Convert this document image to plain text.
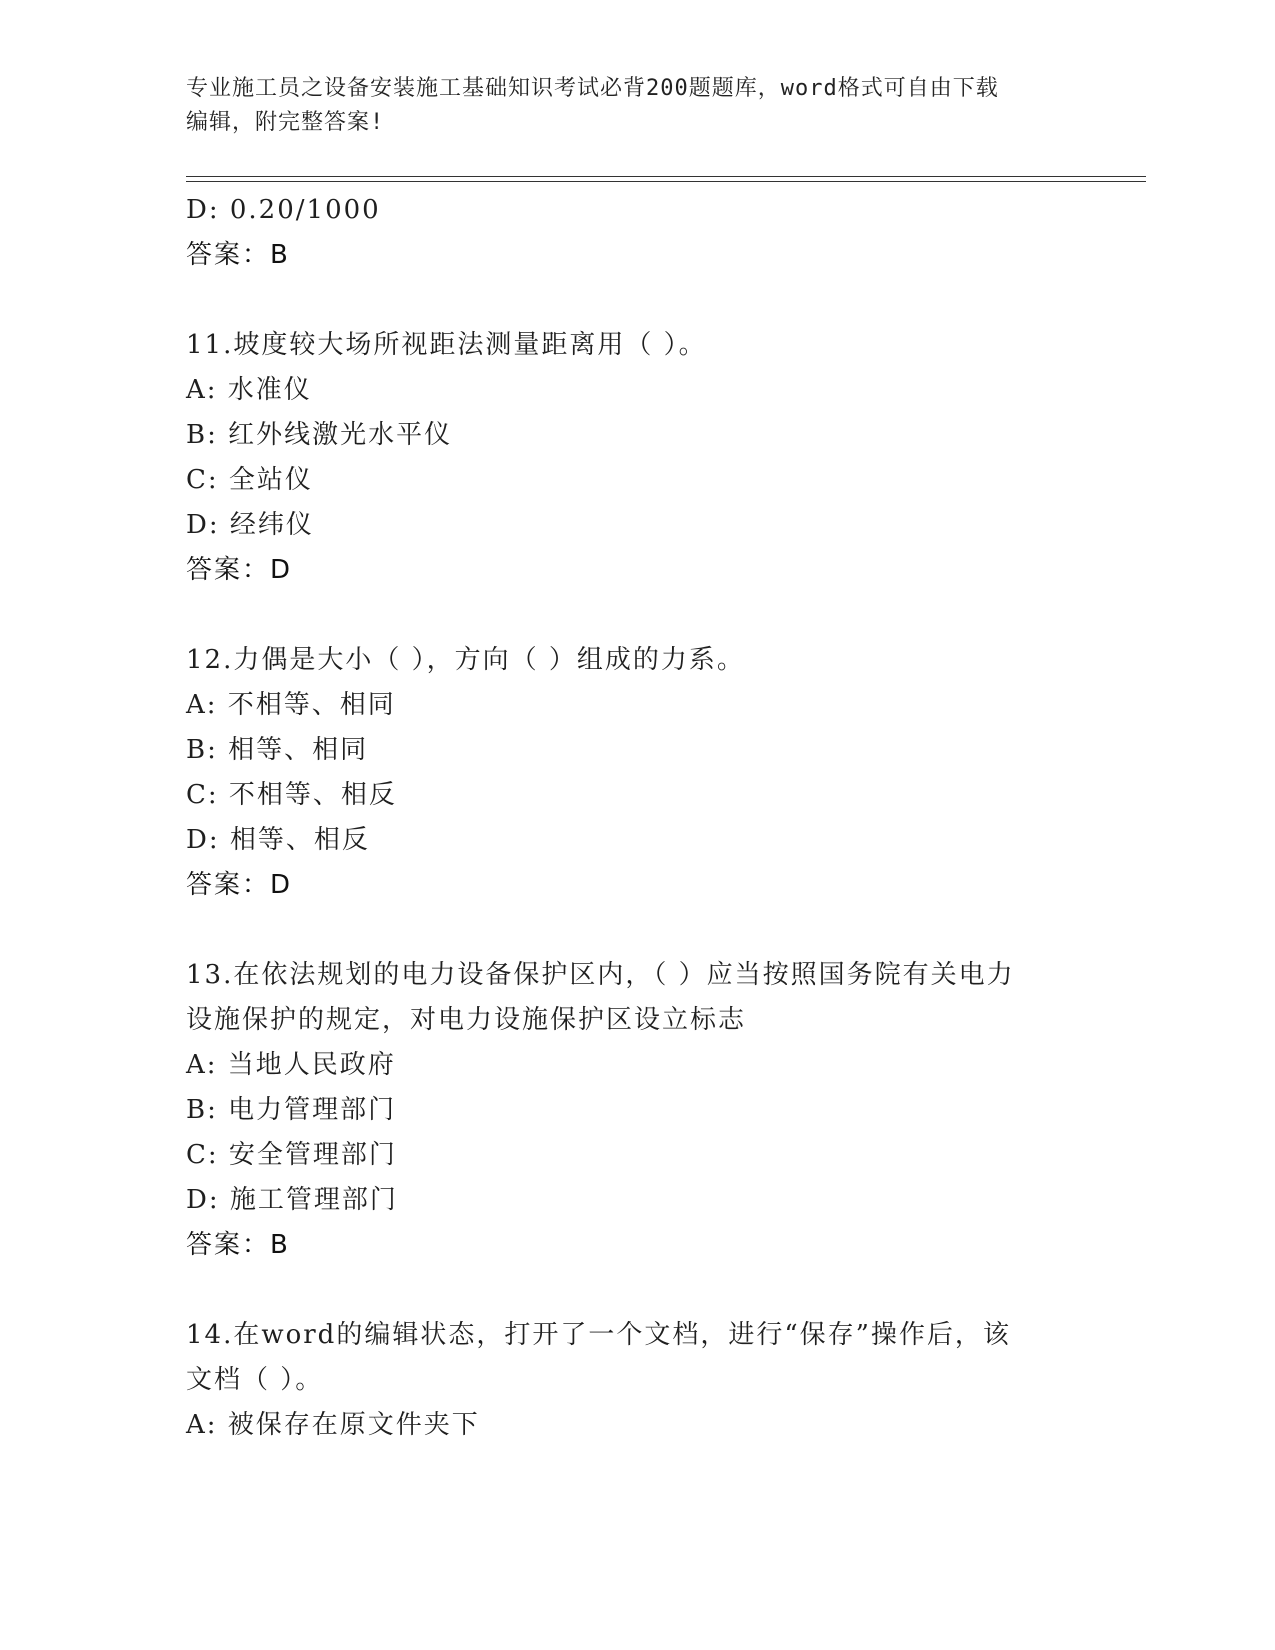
专业施工员之设备安装施工基础知识考试必背200题题库，word格式可自由下载
编辑，附完整答案!
D: 0.20/1000
答案：B
11.坡度较大场所视距法测量距离用（ ）。
A: 水准仪
B: 红外线激光水平仪
C: 全站仪
D: 经纬仪
答案：D
12.力偶是大小（ ），方向（ ）组成的力系。
A: 不相等、相同
B: 相等、相同
C: 不相等、相反
D: 相等、相反
答案：D
13.在依法规划的电力设备保护区内，（ ）应当按照国务院有关电力
设施保护的规定，对电力设施保护区设立标志
A: 当地人民政府
B: 电力管理部门
C: 安全管理部门
D: 施工管理部门
答案：B
14.在word的编辑状态，打开了一个文档，进行“保存”操作后，该
文档（ ）。
A: 被保存在原文件夹下
